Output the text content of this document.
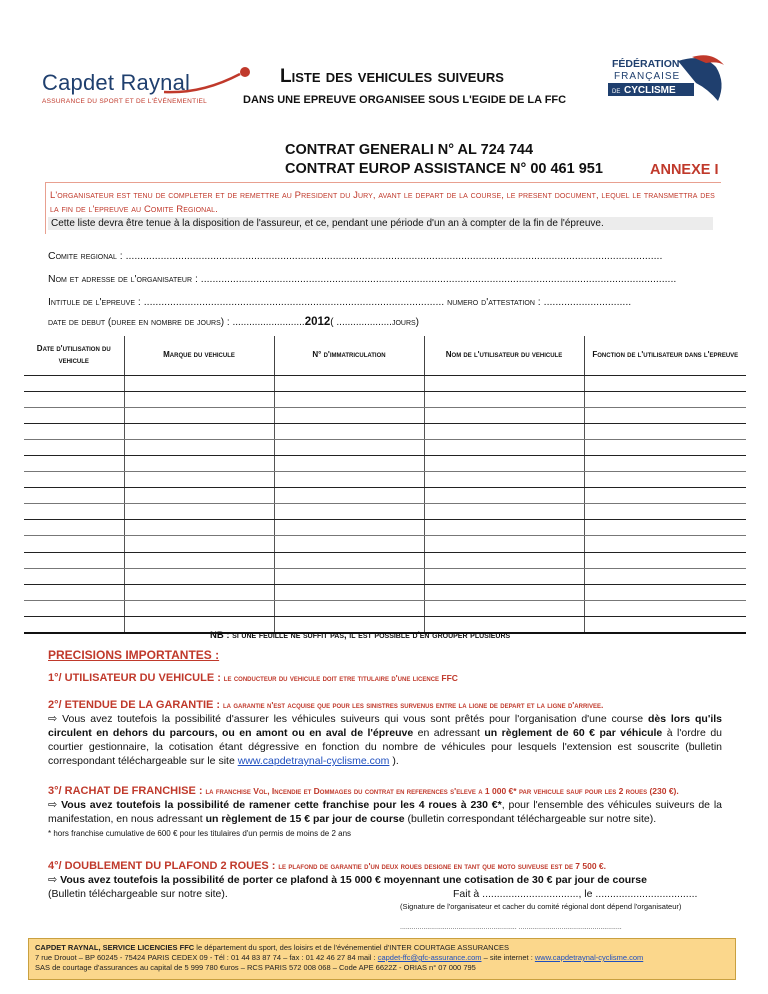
Capdet Raynal
ASSURANCE DU SPORT ET DE L'ÉVÉNEMENTIEL
Liste des vehicules suiveurs
DANS UNE EPREUVE ORGANISEE SOUS L'EGIDE DE LA FFC
FÉDÉRATION
FRANÇAISE
DE CYCLISME
CONTRAT GENERALI N° AL 724 744
CONTRAT EUROP ASSISTANCE N° 00 461 951	ANNEXE I
L'organisateur est tenu de completer et de remettre au President du Jury, avant le depart de la course, le present document, lequel le transmettra des la fin de l'epreuve au Comite Regional.
Cette liste devra être tenue à la disposition de l'assureur, et ce, pendant une période d'un an à compter de la fin de l'épreuve.
Comite regional : ........................................................................................................................................................................................
Nom et adresse de l'organisateur : ...................................................................................................................................................................
Intitule de l'epreuve : ....................................................................................................... numero d'attestation : ..............................
date de debut (duree en nombre de jours) : ..........................2012( ....................jours)
Date d'utilisation du vehicule	Marque du vehicule	N° d'immatriculation	Nom de l'utilisateur du vehicule	Fonction de l'utilisateur dans l'epreuve

NB : si une feuille ne suffit pas, il est possible d'en grouper plusieurs
PRECISIONS IMPORTANTES :
1°/ UTILISATEUR DU VEHICULE : le conducteur du vehicule doit etre titulaire d'une licence FFC
2°/ ETENDUE DE LA GARANTIE : la garantie n'est acquise que pour les sinistres survenus entre la ligne de depart et la ligne d'arrivee.
⇨ Vous avez toutefois la possibilité d'assurer les véhicules suiveurs qui vous sont prêtés pour l'organisation d'une course dès lors qu'ils circulent en dehors du parcours, ou en amont ou en aval de l'épreuve en adressant un règlement de 60 € par véhicule à l'ordre du courtier gestionnaire, la cotisation étant dégressive en fonction du nombre de véhicules pour lesquels l'extension est souscrite (bulletin correspondant téléchargeable sur le site www.capdetraynal-cyclisme.com ).
3°/ RACHAT DE FRANCHISE : la franchise Vol, Incendie et Dommages du contrat en references s'eleve a 1 000 €* par vehicule sauf pour les 2 roues (230 €).
⇨ Vous avez toutefois la possibilité de ramener cette franchise pour les 4 roues à 230 €*, pour l'ensemble des véhicules suiveurs de la manifestation, en nous adressant un règlement de 15 € par jour de course (bulletin correspondant téléchargeable sur notre site).
* hors franchise cumulative de 600 € pour les titulaires d'un permis de moins de 2 ans
4°/ DOUBLEMENT DU PLAFOND 2 ROUES : le plafond de garantie d'un deux roues designe en tant que moto suiveuse est de 7 500 €.
⇨ Vous avez toutefois la possibilité de porter ce plafond à 15 000 € moyennant une cotisation de 30 € par jour de course
(Bulletin téléchargeable sur notre site).	Fait à ................................., le ...................................
(Signature de l'organisateur et cacher du comité régional dont dépend l'organisateur)
............................................................ .....................................................
CAPDET RAYNAL, SERVICE LICENCIES FFC le département du sport, des loisirs et de l'événementiel d'INTER COURTAGE ASSURANCES
7 rue Drouot – BP 60245 - 75424 PARIS CEDEX 09 - Tél : 01 44 83 87 74 – fax : 01 42 46 27 84 mail : capdet-ffc@gfc-assurance.com – site internet : www.capdetraynal-cyclisme.com
SAS de courtage d'assurances au capital de 5 999 780 €uros – RCS PARIS 572 008 068 – Code APE 6622Z - ORIAS n° 07 000 795
